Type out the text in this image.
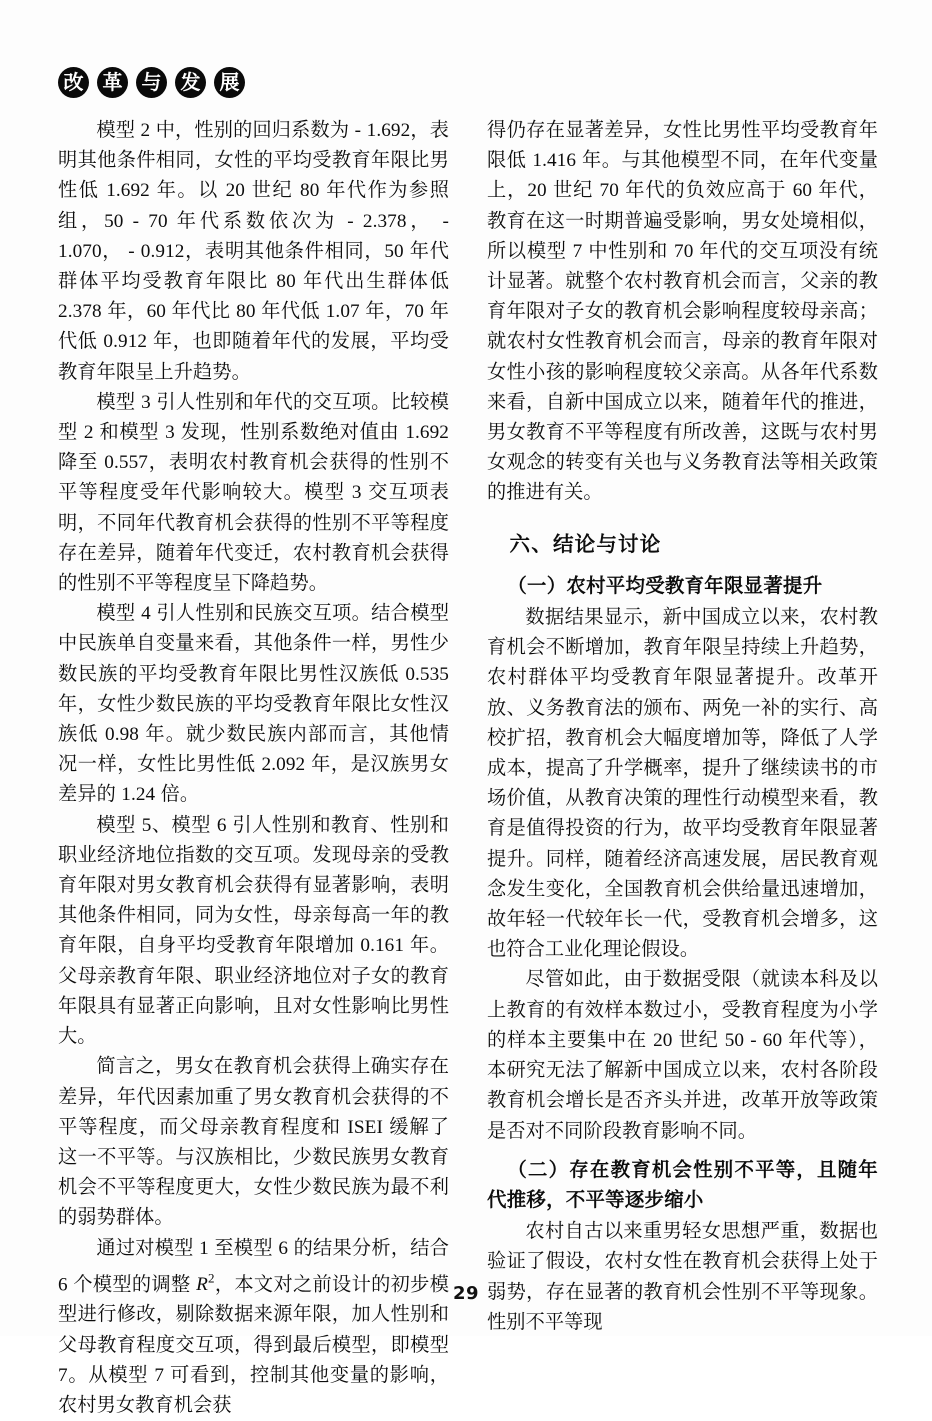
改 革 与 发 展

模型 2 中，性别的回归系数为 - 1.692，表明其他条件相同，女性的平均受教育年限比男性低 1.692 年。以 20 世纪 80 年代作为参照组，50 - 70 年代系数依次为 - 2.378， - 1.070， - 0.912，表明其他条件相同，50 年代群体平均受教育年限比 80 年代出生群体低 2.378 年，60 年代比 80 年代低 1.07 年，70 年代低 0.912 年，也即随着年代的发展，平均受教育年限呈上升趋势。

模型 3 引人性别和年代的交互项。比较模型 2 和模型 3 发现，性别系数绝对值由 1.692 降至 0.557，表明农村教育机会获得的性别不平等程度受年代影响较大。模型 3 交互项表明，不同年代教育机会获得的性别不平等程度存在差异，随着年代变迁，农村教育机会获得的性别不平等程度呈下降趋势。

模型 4 引人性别和民族交互项。结合模型中民族单自变量来看，其他条件一样，男性少数民族的平均受教育年限比男性汉族低 0.535 年，女性少数民族的平均受教育年限比女性汉族低 0.98 年。就少数民族内部而言，其他情况一样，女性比男性低 2.092 年，是汉族男女差异的 1.24 倍。

模型 5、模型 6 引人性别和教育、性别和职业经济地位指数的交互项。发现母亲的受教育年限对男女教育机会获得有显著影响，表明其他条件相同，同为女性，母亲每高一年的教育年限，自身平均受教育年限增加 0.161 年。父母亲教育年限、职业经济地位对子女的教育年限具有显著正向影响，且对女性影响比男性大。

简言之，男女在教育机会获得上确实存在差异，年代因素加重了男女教育机会获得的不平等程度，而父母亲教育程度和 ISEI 缓解了这一不平等。与汉族相比，少数民族男女教育机会不平等程度更大，女性少数民族为最不利的弱势群体。

通过对模型 1 至模型 6 的结果分析，结合 6 个模型的调整 $R^2$，本文对之前设计的初步模型进行修改，剔除数据来源年限，加人性别和父母教育程度交互项，得到最后模型，即模型 7。从模型 7 可看到，控制其他变量的影响，农村男女教育机会获

得仍存在显著差异，女性比男性平均受教育年限低 1.416 年。与其他模型不同，在年代变量上，20 世纪 70 年代的负效应高于 60 年代，教育在这一时期普遍受影响，男女处境相似，所以模型 7 中性别和 70 年代的交互项没有统计显著。就整个农村教育机会而言，父亲的教育年限对子女的教育机会影响程度较母亲高；就农村女性教育机会而言，母亲的教育年限对女性小孩的影响程度较父亲高。从各年代系数来看，自新中国成立以来，随着年代的推进，男女教育不平等程度有所改善，这既与农村男女观念的转变有关也与义务教育法等相关政策的推进有关。

六、结论与讨论
（一）农村平均受教育年限显著提升

数据结果显示，新中国成立以来，农村教育机会不断增加，教育年限呈持续上升趋势，农村群体平均受教育年限显著提升。改革开放、义务教育法的颁布、两免一补的实行、高校扩招，教育机会大幅度增加等，降低了人学成本，提高了升学概率，提升了继续读书的市场价值，从教育决策的理性行动模型来看，教育是值得投资的行为，故平均受教育年限显著提升。同样，随着经济高速发展，居民教育观念发生变化，全国教育机会供给量迅速增加，故年轻一代较年长一代，受教育机会增多，这也符合工业化理论假设。

尽管如此，由于数据受限（就读本科及以上教育的有效样本数过小，受教育程度为小学的样本主要集中在 20 世纪 50 - 60 年代等），本研究无法了解新中国成立以来，农村各阶段教育机会增长是否齐头并进，改革开放等政策是否对不同阶段教育影响不同。

（二）存在教育机会性别不平等，且随年代推移，不平等逐步缩小

农村自古以来重男轻女思想严重，数据也验证了假设，农村女性在教育机会获得上处于弱势，存在显著的教育机会性别不平等现象。性别不平等现

29
